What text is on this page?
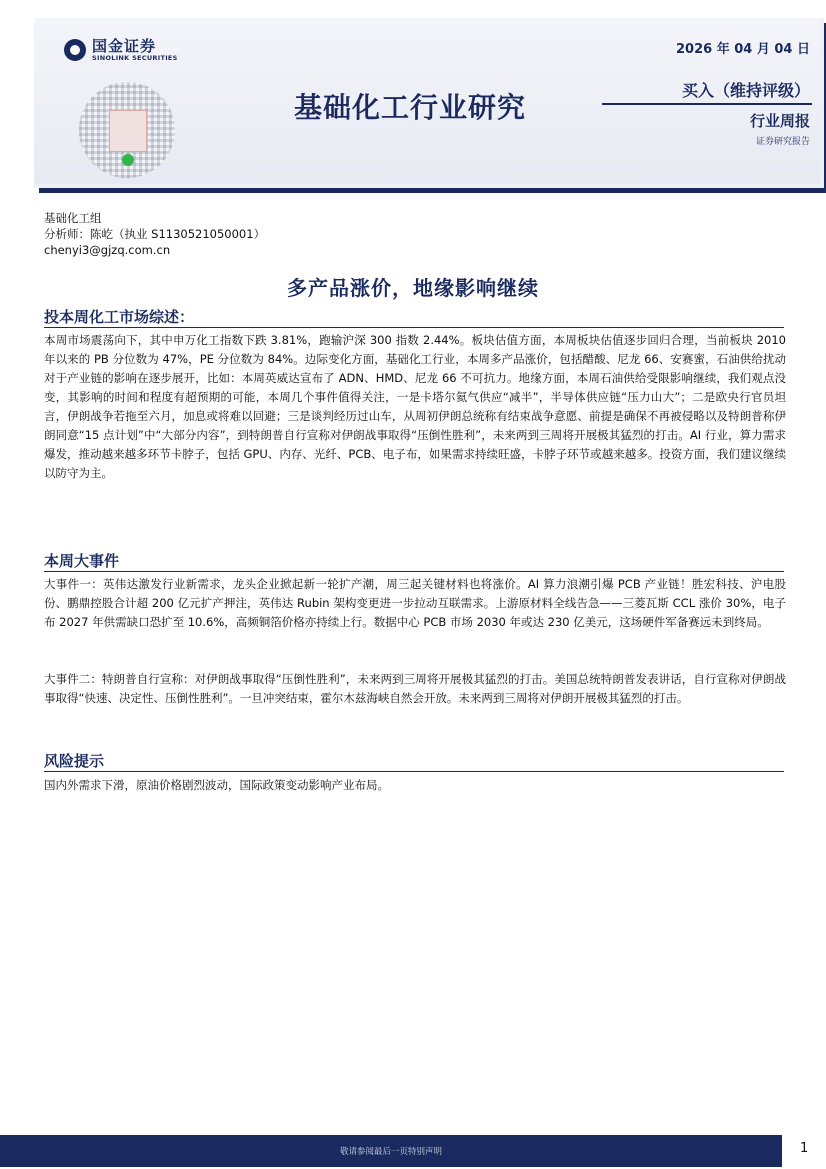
国金证券
SINOLINK SECURITIES
2026 年 04 月 04 日
基础化工行业研究
买入（维持评级）
行业周报
证券研究报告
基础化工组
分析师：陈屹（执业 S1130521050001）
chenyi3@gjzq.com.cn
多产品涨价，地缘影响继续
投本周化工市场综述：
本周市场震荡向下，其中申万化工指数下跌 3.81%，跑输沪深 300 指数 2.44%。板块估值方面，本周板块估值逐步回归合理，当前板块 2010 年以来的 PB 分位数为 47%，PE 分位数为 84%。边际变化方面，基础化工行业，本周多产品涨价，包括醋酸、尼龙 66、安赛蜜，石油供给扰动对于产业链的影响在逐步展开，比如：本周英威达宣布了 ADN、HMD、尼龙 66 不可抗力。地缘方面，本周石油供给受限影响继续，我们观点没变，其影响的时间和程度有超预期的可能，本周几个事件值得关注，一是卡塔尔氦气供应“减半”，半导体供应链“压力山大”；二是欧央行官员坦言，伊朗战争若拖至六月，加息或将难以回避；三是谈判经历过山车，从周初伊朗总统称有结束战争意愿、前提是确保不再被侵略以及特朗普称伊朗同意“15 点计划”中“大部分内容”，到特朗普自行宣称对伊朗战事取得“压倒性胜利”，未来两到三周将开展极其猛烈的打击。AI 行业，算力需求爆发，推动越来越多环节卡脖子，包括 GPU、内存、光纤、PCB、电子布，如果需求持续旺盛，卡脖子环节或越来越多。投资方面，我们建议继续以防守为主。
本周大事件
大事件一：英伟达激发行业新需求，龙头企业掀起新一轮扩产潮，周三起关键材料也将涨价。AI 算力浪潮引爆 PCB 产业链！胜宏科技、沪电股份、鹏鼎控股合计超 200 亿元扩产押注，英伟达 Rubin 架构变更进一步拉动互联需求。上游原材料全线告急——三菱瓦斯 CCL 涨价 30%，电子布 2027 年供需缺口恐扩至 10.6%，高频铜箔价格亦持续上行。数据中心 PCB 市场 2030 年或达 230 亿美元，这场硬件军备赛远未到终局。
大事件二：特朗普自行宣称：对伊朗战事取得“压倒性胜利”，未来两到三周将开展极其猛烈的打击。美国总统特朗普发表讲话，自行宣称对伊朗战事取得“快速、决定性、压倒性胜利”。一旦冲突结束，霍尔木兹海峡自然会开放。未来两到三周将对伊朗开展极其猛烈的打击。
风险提示
国内外需求下滑，原油价格剧烈波动，国际政策变动影响产业布局。
敬请参阅最后一页特别声明	1
